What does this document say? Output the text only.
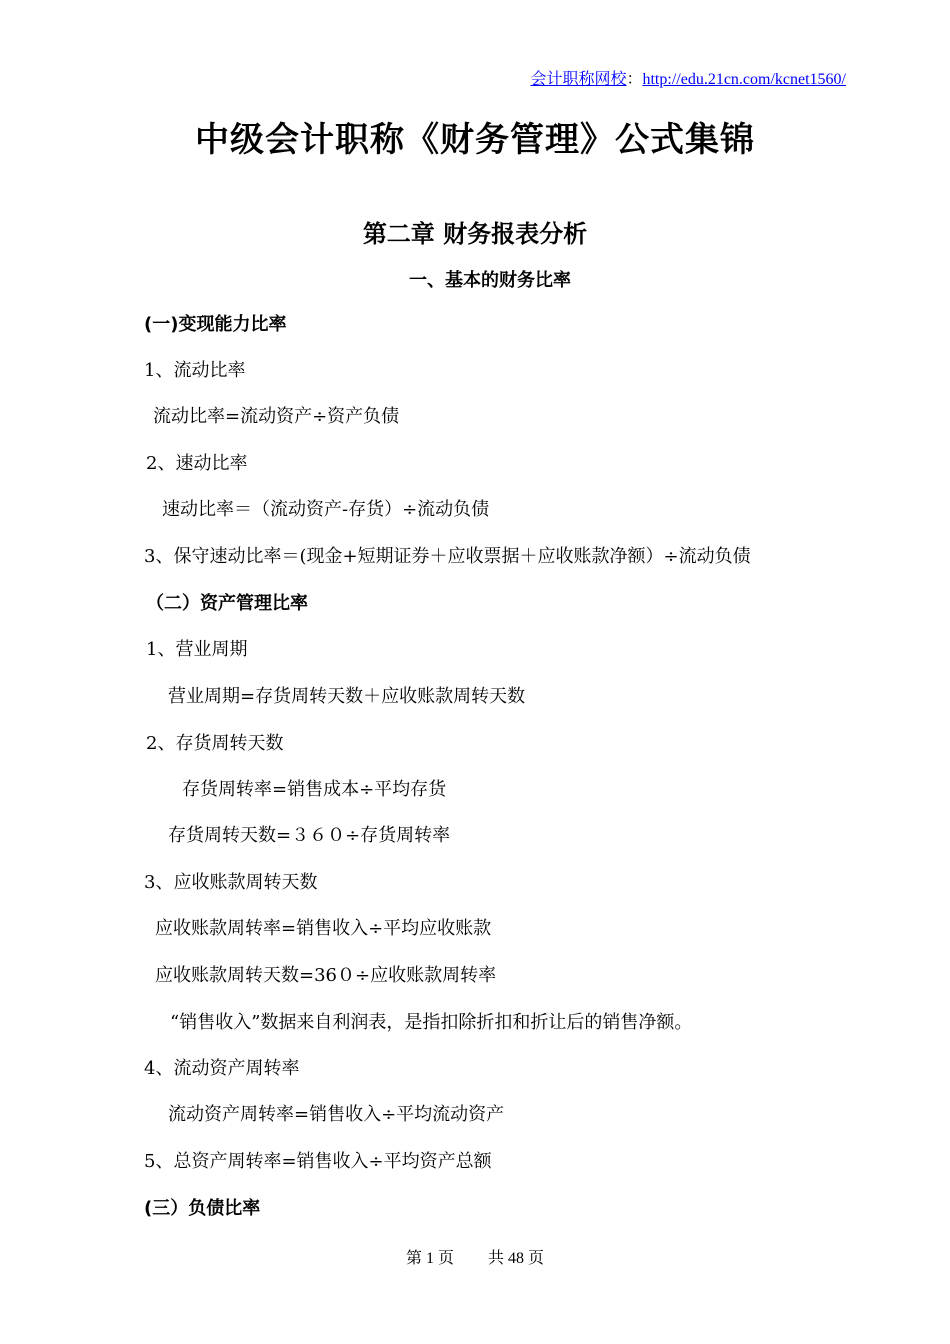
会计职称网校：http://edu.21cn.com/kcnet1560/
中级会计职称《财务管理》公式集锦
第二章 财务报表分析
一、基本的财务比率
(一)变现能力比率
1、流动比率
流动比率=流动资产÷资产负债
2、速动比率
速动比率＝（流动资产-存货）÷流动负债
3、保守速动比率＝(现金+短期证券＋应收票据＋应收账款净额）÷流动负债
（二）资产管理比率
1、营业周期
营业周期=存货周转天数＋应收账款周转天数
2、存货周转天数
存货周转率=销售成本÷平均存货
存货周转天数=３６０÷存货周转率
3、应收账款周转天数
应收账款周转率=销售收入÷平均应收账款
应收账款周转天数=36０÷应收账款周转率
“销售收入”数据来自利润表，是指扣除折扣和折让后的销售净额。
4、流动资产周转率
流动资产周转率=销售收入÷平均流动资产
5、总资产周转率=销售收入÷平均资产总额
(三）负债比率
第 1 页 共 48 页
